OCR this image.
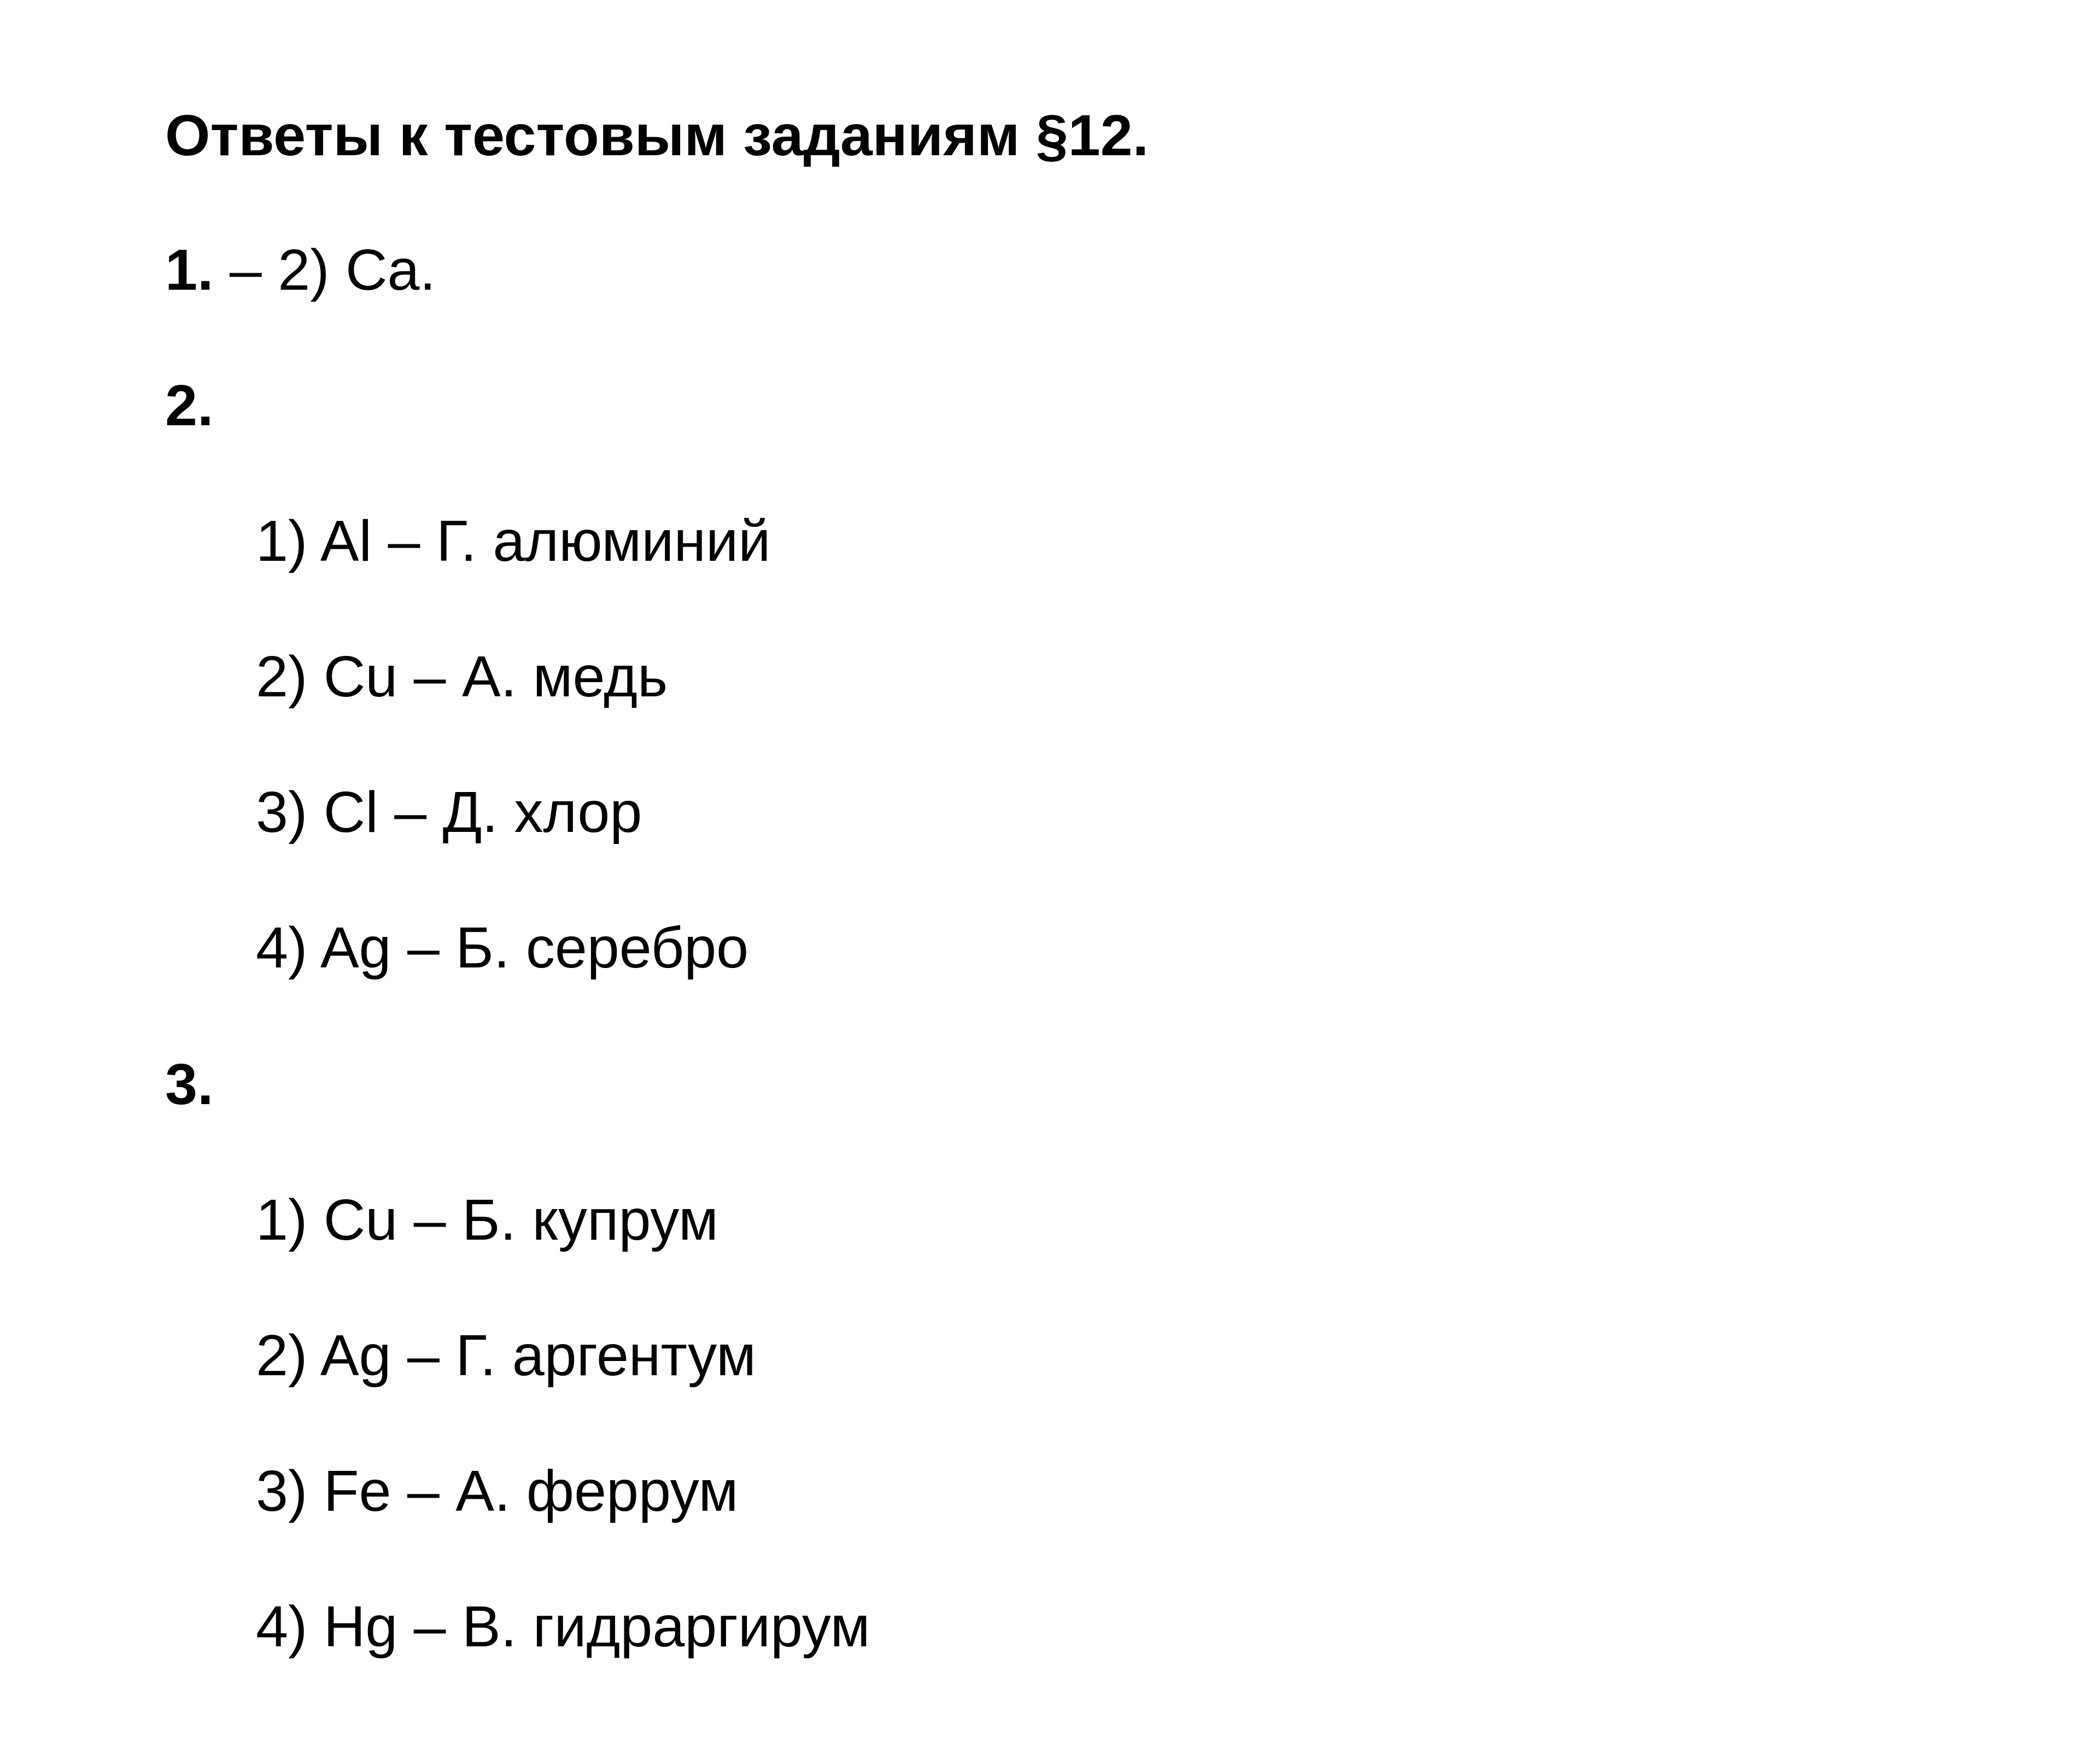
Ответы к тестовым заданиям §12.

1. – 2) Ca.

2.

1) Al – Г. алюминий

2) Cu – А. медь

3) Cl – Д. хлор

4) Ag – Б. серебро

3.

1) Cu – Б. купрум

2) Ag – Г. аргентум

3) Fe – А. феррум

4) Hg – В. гидраргирум
